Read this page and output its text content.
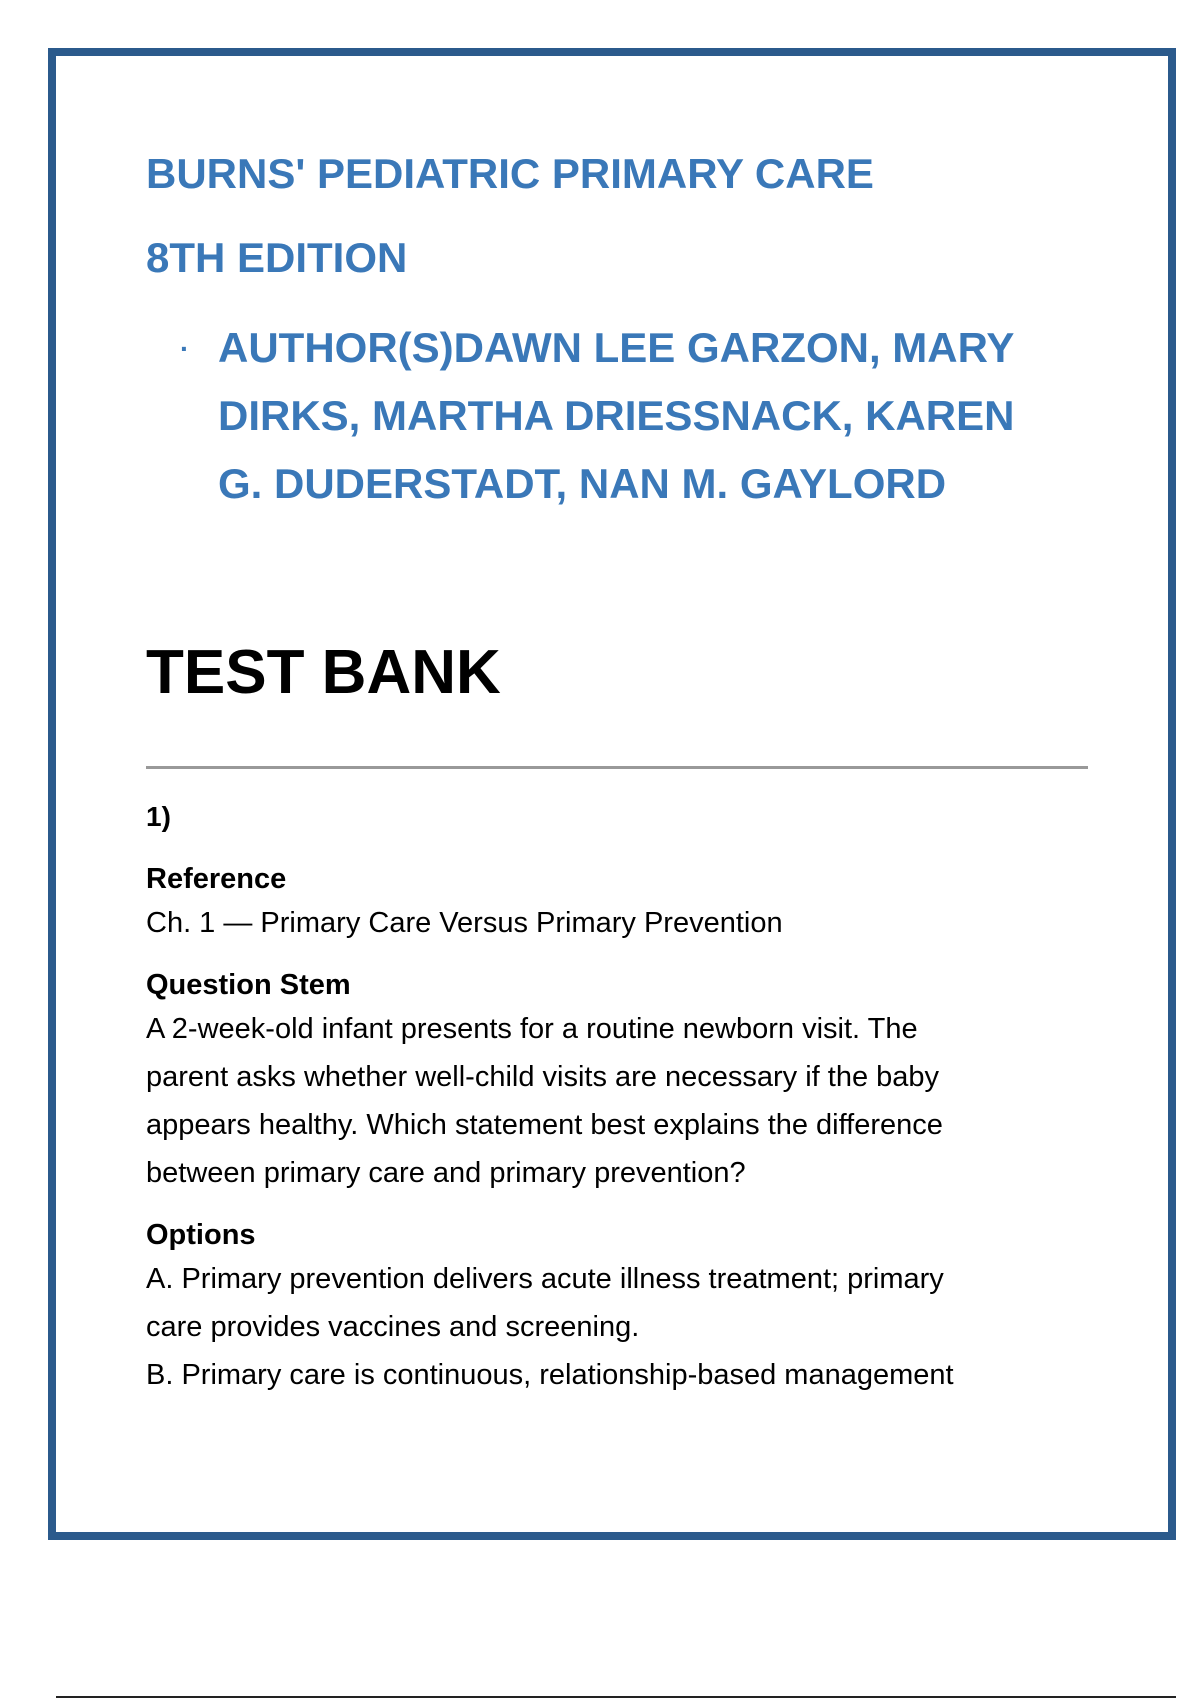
BURNS' PEDIATRIC PRIMARY CARE
8TH EDITION
· AUTHOR(S)DAWN LEE GARZON, MARY
DIRKS, MARTHA DRIESSNACK, KAREN
G. DUDERSTADT, NAN M. GAYLORD
TEST BANK
1)
Reference
Ch. 1 — Primary Care Versus Primary Prevention
Question Stem
A 2-week-old infant presents for a routine newborn visit. The
parent asks whether well-child visits are necessary if the baby
appears healthy. Which statement best explains the difference
between primary care and primary prevention?
Options
A. Primary prevention delivers acute illness treatment; primary
care provides vaccines and screening.
B. Primary care is continuous, relationship-based management
